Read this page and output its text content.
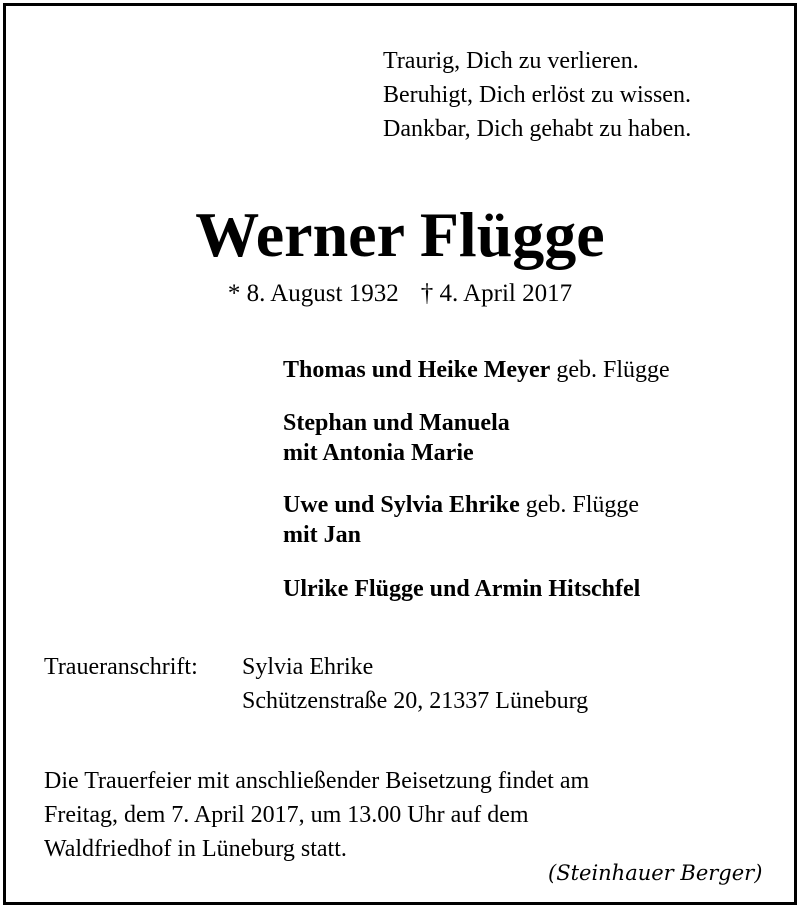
Traurig, Dich zu verlieren.
Beruhigt, Dich erlöst zu wissen.
Dankbar, Dich gehabt zu haben.
Werner Flügge
* 8. August 1932 † 4. April 2017
Thomas und Heike Meyer geb. Flügge
Stephan und Manuela
mit Antonia Marie
Uwe und Sylvia Ehrike geb. Flügge
mit Jan
Ulrike Flügge und Armin Hitschfel
Traueranschrift:	Sylvia Ehrike
Schützenstraße 20, 21337 Lüneburg
Die Trauerfeier mit anschließender Beisetzung findet am
Freitag, dem 7. April 2017, um 13.00 Uhr auf dem
Waldfriedhof in Lüneburg statt.
(Steinhauer Berger)
